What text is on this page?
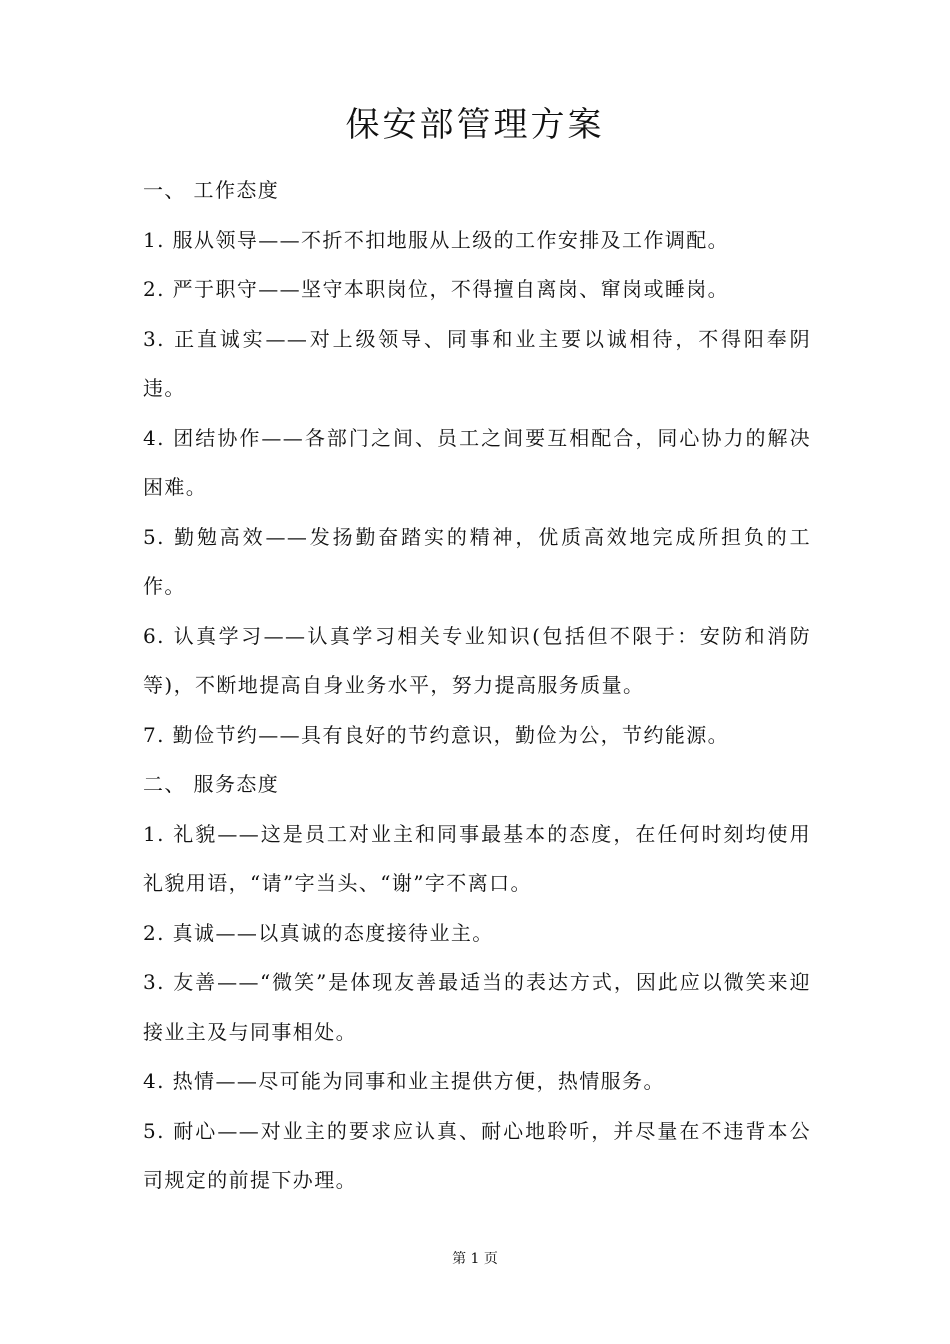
保安部管理方案

一、 工作态度

1. 服从领导——不折不扣地服从上级的工作安排及工作调配。

2. 严于职守——坚守本职岗位，不得擅自离岗、窜岗或睡岗。

3. 正直诚实——对上级领导、同事和业主要以诚相待，不得阳奉阴违。

4. 团结协作——各部门之间、员工之间要互相配合，同心协力的解决困难。

5. 勤勉高效——发扬勤奋踏实的精神，优质高效地完成所担负的工作。

6. 认真学习——认真学习相关专业知识(包括但不限于：安防和消防等)，不断地提高自身业务水平，努力提高服务质量。

7. 勤俭节约——具有良好的节约意识，勤俭为公，节约能源。

二、 服务态度

1. 礼貌——这是员工对业主和同事最基本的态度，在任何时刻均使用礼貌用语，“请”字当头、“谢”字不离口。

2. 真诚——以真诚的态度接待业主。

3. 友善——“微笑”是体现友善最适当的表达方式，因此应以微笑来迎接业主及与同事相处。

4. 热情——尽可能为同事和业主提供方便，热情服务。

5. 耐心——对业主的要求应认真、耐心地聆听，并尽量在不违背本公司规定的前提下办理。

第 1 页
